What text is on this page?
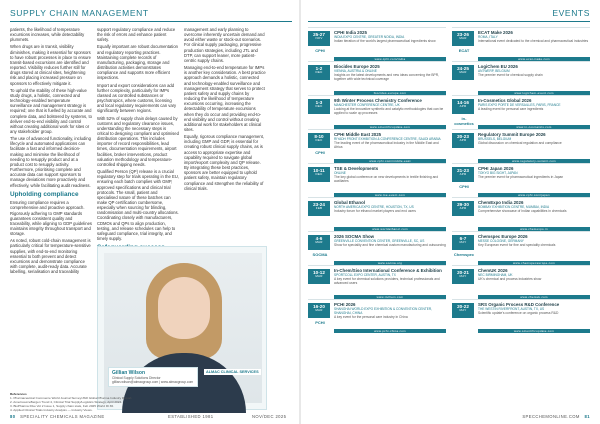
SUPPLY CHAIN MANAGEMENT

patients, the likelihood of temperature excursions increases, while detectability plummets.

When drugs are in transit, visibility diminishes, making it essential for sponsors to have robust processes in place to ensure transit-based excursions are identified and reported. Visibility reduces further still for drugs stored at clinical sites, heightening risk and placing increased pressure on sponsors to effectively mitigate it.

To uphold the stability of these high-value study drugs, a holistic, connected and technology-enabled temperature surveillance and management strategy is required; one that is fuelled by accurate and complete data, and bolstered by systems, to deliver end-to-end visibility and control without creating additional work for sites or any stakeholder group.

The use of advanced functionality, including lifecycle and automated applications can facilitate a fast and informed decision-making and minimise the likelihood of needing to resupply product and at a product cost to resupply activity. Furthermore, prioritising complete and accurate data can support sponsors to manage deviations more proactively and effectively, while facilitating audit readiness.

Upholding compliance

Ensuring compliance requires a comprehensive and proactive approach. Rigorously adhering to GMP standards guarantees consistent quality and traceability, while aligning to GDP guidelines maintains integrity throughout transport and storage.

As noted, robust cold-chain management is particularly critical for temperature-sensitive supplies, with end-to-end monitoring essential to both prevent and detect excursions and demonstrate compliance with complete, audit-ready data. Accurate labelling, serialisation and traceability

support regulatory compliance and reduce the risk of errors and enhance patient safety.

Equally important are robust documentation and regulatory reporting practices. Maintaining complete records of manufacturing, packaging, storage and distribution activities demonstrates compliance and supports more efficient inspections.

Import and export considerations can add further complexity, particularly for IMPs classed as controlled substances or psychotropics, where customs, licensing and local regulatory requirements can vary significantly between regions.

With 52% of supply chain delays caused by customs and regulatory clearance issues, understanding the necessary steps is critical to designing compliant and optimised distribution operations. This includes importer of record responsibilities, lead times, documentation requirements, airport facilities, broker interventions, product valuation methodology and temperature-controlled shipping needs.

Qualified Person (QP) release is a crucial regulatory step for trials operating in the EU, ensuring each batch complies with GMP, approved specifications and clinical trial protocols. The small, patient and specialised nature of these batches can make QP certification cumbersome, especially when sourcing for blinding, randomisation and multi-country allocations. Coordinating closely with manufacturers, CDMOs and QPs to align production, testing, and release schedules can help to safeguard compliance, trial integrity, and timely supply.

management and early planning to overcome inherently uncertain demand and avoid either waste or stock-out scenarios. For clinical supply packaging, progressive production strategies, including JTL and DTP, can support leaner, more patient-centric supply chains.

Managing end-to-end temperature for IMPs is another key consideration. A best practice approach demands a holistic, connected and technology-enabled surveillance and management strategy that serves to protect patient safety and supply chains by reducing the likelihood of temperature excursions occurring, increasing the detectability of temperature excursions when they do occur and providing end-to-end visibility and control without creating additional work for stakeholders at clinical sites.

Equally, rigorous compliance management, including GMP and GDP, is essential for creating robust clinical supply chains, as is access to appropriate expertise and capability required to navigate global import/export complexity and QP release. By integrating these best practices, sponsors are better equipped to uphold patient safety, maintain regulatory compliance and strengthen the reliability of clinical trials.

Gillian Wilson
Clinical Supply Solutions Director
gillian.wilson@almacgroup.com | www.almacgroup.com
ALMAC CLINICAL SERVICES
References
1. Pharmaceutical Commerce World Journal Survey/JSR Global Pharma Industry Report.
2. AmerisourceBergen Trend 4, Clinical Trial Supply/Logistics Strategy, April 2024.
3. BioPharma Dive Vol 2 Issue 1, Supply chain stats, Feb 2025 World ID 36.
4. Applied Clinical Trials Industry Analysis — Industry Views.
80 SPECIALITY CHEMICALS MAGAZINE	ESTABLISHED 1981	NOV/DEC 2025
EVENTS
25-27
NOV
CPHI India 2025
INDIA EXPO CENTRE, GREATER NOIDA, INDIA
Indian iteration of the world's largest pharmaceutical ingredients show
CPHI
www.cphi.com/india
1-2
DEC
Biocides Europe 2025
VIENNA, AUSTRIA & ONLINE
Insights on the latest developments and new ideas concerning the BPR, together with wide technical coverage
biocides-europe.com
1-3
DEC
9th Winter Process Chemistry Conference
MANCHESTER CONFERENCE CENTRE, UK
Looking at the innovative synthetic and catalytic methodologies that can be applied to scale up processes
www.scientificupdate.com
8-10
DEC
CPHI Middle East 2025
RIYADH FRONT EXHIBITION & CONFERENCE CENTRE, SAUDI ARABIA
The leading event of the pharmaceutical industry in the Middle East and Africa
CPHI
www.cphi.com/middle-east
10-11
DEC
TSE & Developments
ONLINE
The key global conference on new developments in textile finishing and auxiliaries
www.tse-event.com
23-24
FEB
Global Ethanol
NORTH AMERICA EXPO CENTRE, HOUSTON, TX, US
Industry forum for ethanol market players and end users
www.worldethanol.com
4-6
MAR
2026 SOCMA Show
GREENVILLE CONVENTION CENTER, GREENVILLE, SC, US
Show for speciality and fine chemical custom manufacturing and outsourcing
SOCMA
www.socma.org
10-12
MAR
In-Chem/Siso International Conference & Exhibition
SPORTCOLL EXPO CENTER, AUSTIN, TX
A key event for chemical solutions providers, technical professionals and advanced users
www.inchem.com
16-20
MAR
PCHI 2026
SHANGHAI WORLD EXPO EXHIBITION & CONVENTION CENTER, SHANGHAI, CHINA
A key event for the personal care industry in China
PCHI
www.pchi-china.com
23-26
MAR
ECAT Make 2026
ROMA, ITALY
International event dedicated to the chemical and pharmaceutical industries
ECAT
www.ecat-make.com
24-25
MAR
LogiChem EU 2026
ANTWERP, BELGIUM
The premier event for chemical supply chain
www.logichem-event.com
14-16
APR
In-Cosmetics Global 2026
PARIS EXPO PORTE DE VERSAILLES, PARIS, FRANCE
A leading event for personal care ingredients
in-cosmetics
www.in-cosmetics.com
20-23
APR
Regulatory Summit Europe 2026
BRUSSELS, BELGIUM
Global discussion on chemical regulation and compliance
www.regulatory-summit.com
21-23
APR
CPHI Japan 2026
TOKYO BIG SIGHT, JAPAN
The premier event for pharmaceutical ingredients in Japan
CPHI
www.cphi.com/japan
29-30
APR
ChemExpo India 2026
BOMBAY EXHIBITION CENTRE, MUMBAI, INDIA
Comprehensive showcase of Indian capabilities in chemicals
www.chemexpo.in
6-7
MAY
Chemspec Europe 2026
MESSE COLOGNE, GERMANY
Key European event for fine and speciality chemicals
Chemspec
www.chemspeceurope.com
20-21
MAY
ChemUK 2026
NEC BIRMINGHAM, UK
UK's chemical and process industries show
www.chemuk.com
20-22
MAY
SRS Organic Process R&D Conference
THE WESTIN RIVERFRONT, AUSTIN, TX, US
Scientific update's conference on organic process R&D
www.scientificupdate.com
SPECCHEMONLINE.COM 81
